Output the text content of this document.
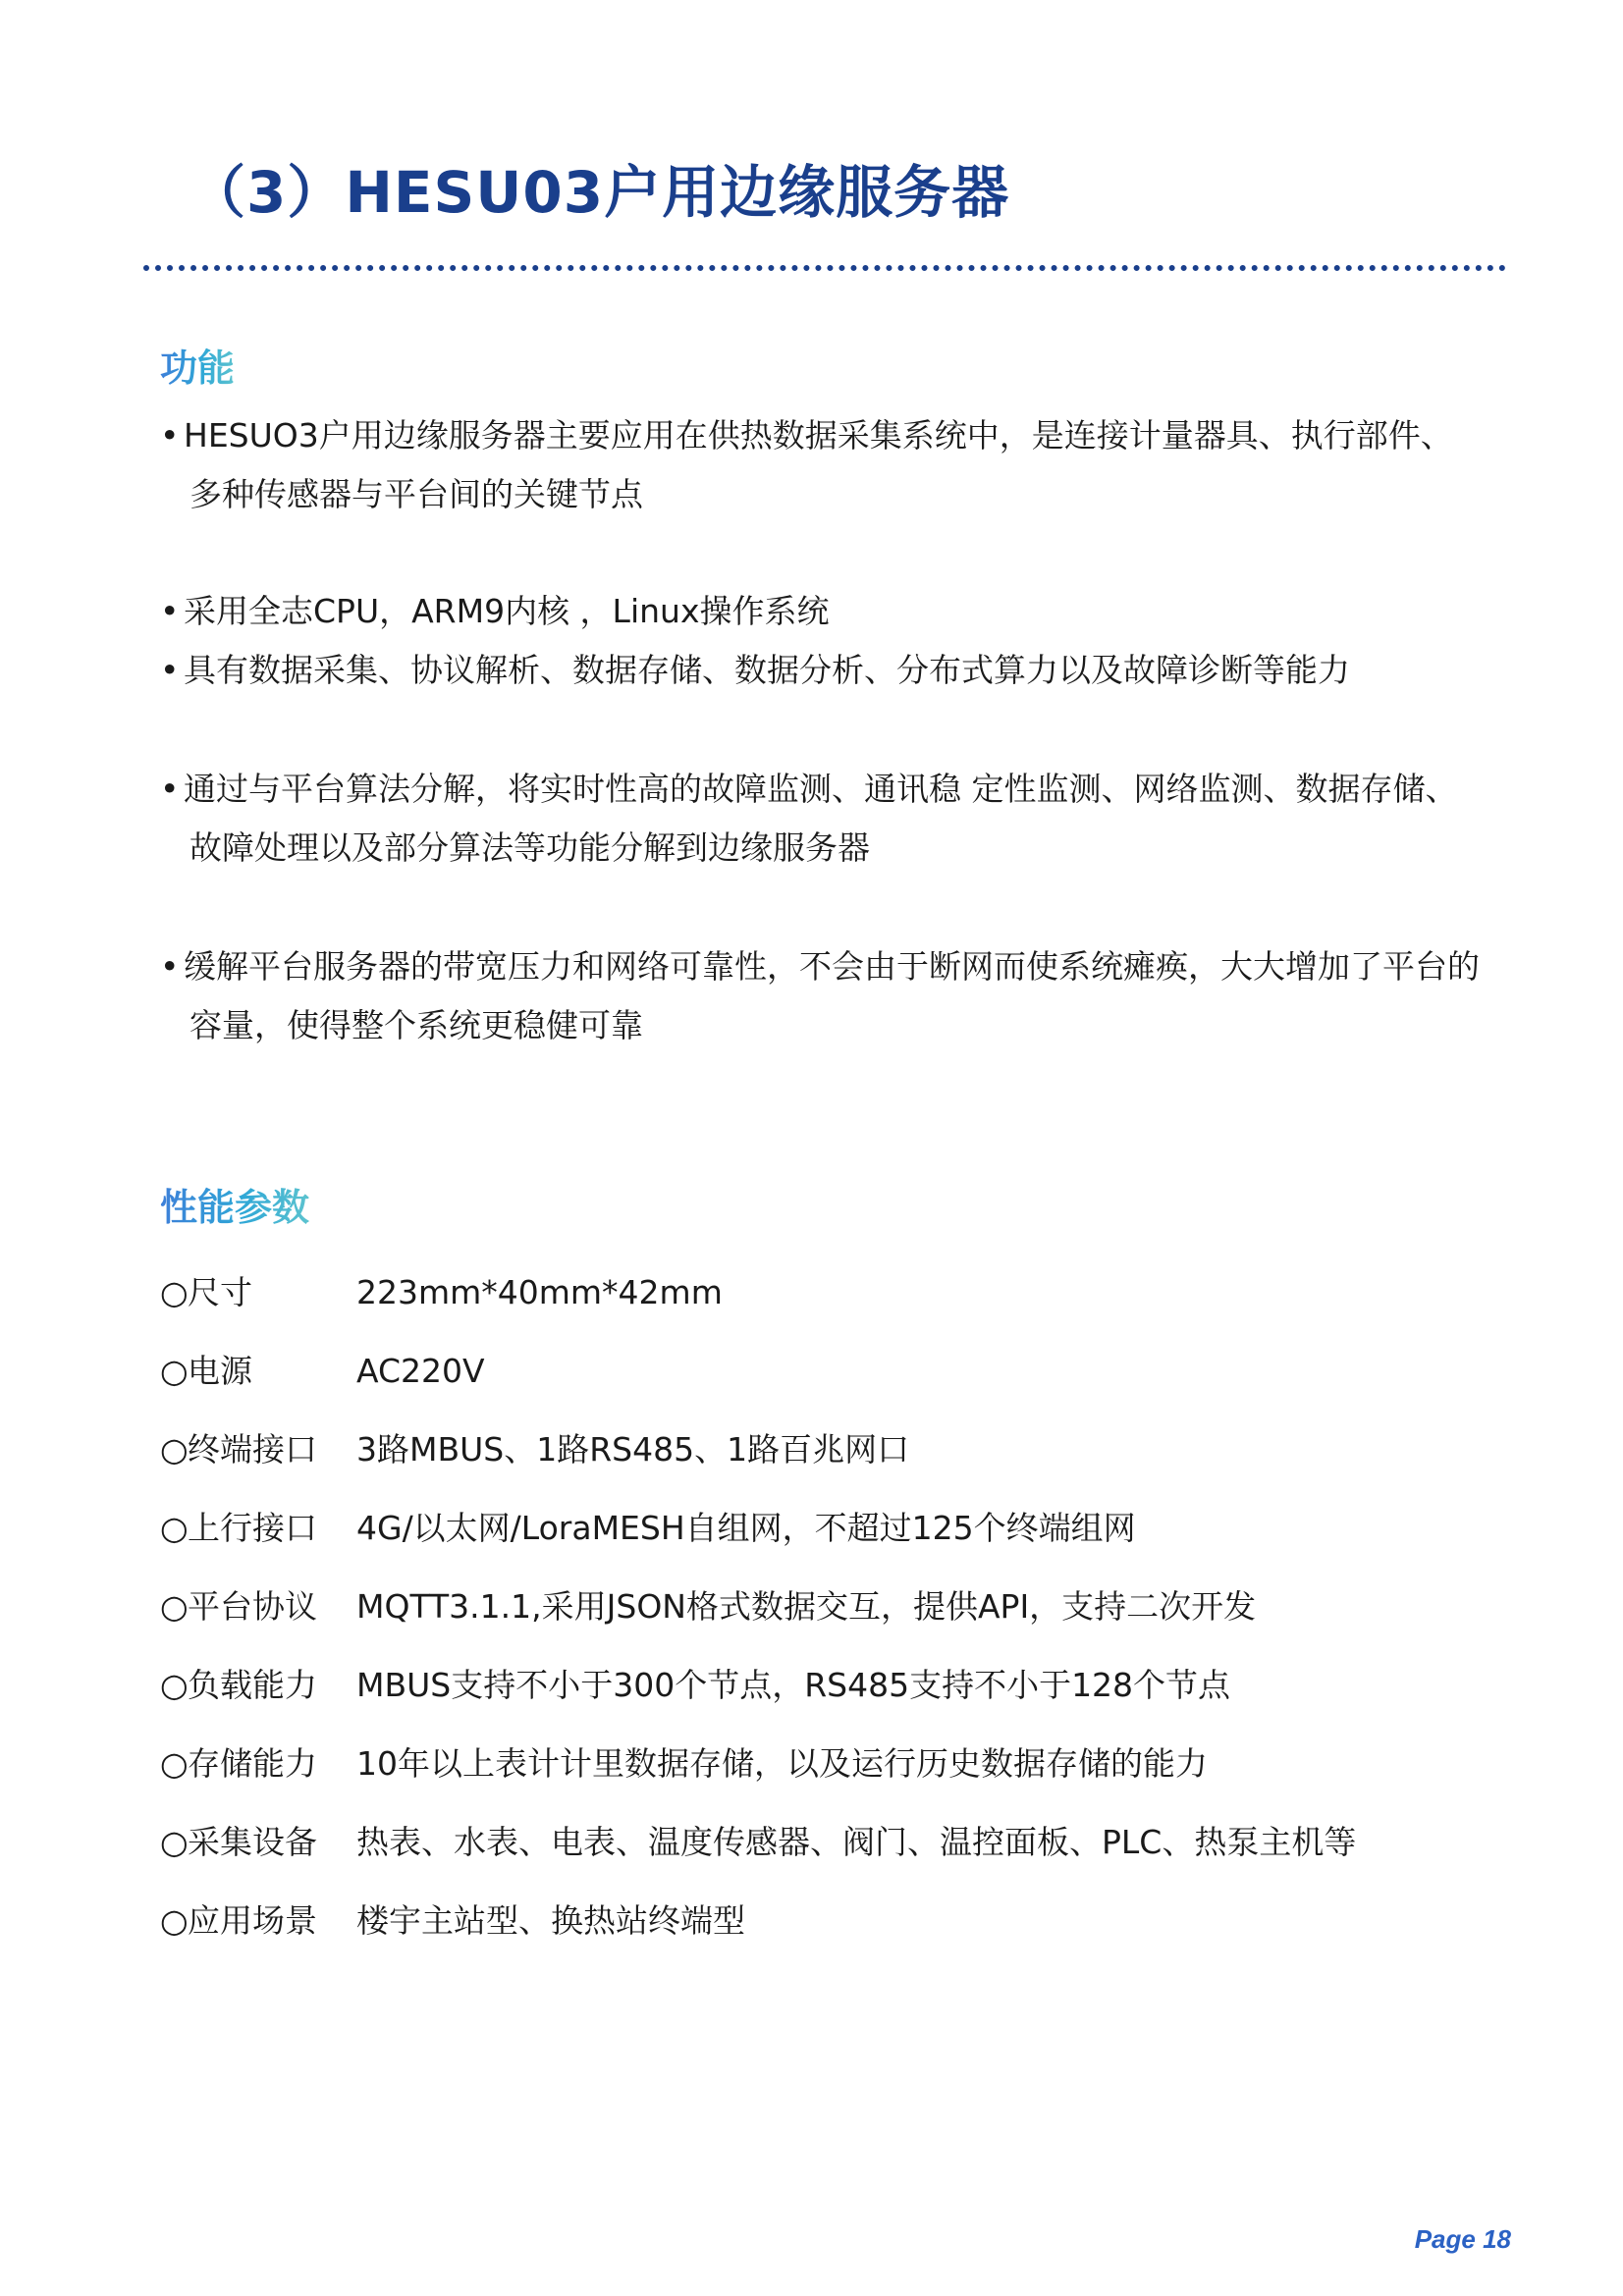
（3）HESU03户用边缘服务器
功能

• HESUO3户用边缘服务器主要应用在供热数据采集系统中，是连接计量器具、执行部件、
多种传感器与平台间的关键节点

• 采用全志CPU，ARM9内核 ，Linux操作系统

• 具有数据采集、协议解析、数据存储、数据分析、分布式算力以及故障诊断等能力

• 通过与平台算法分解，将实时性高的故障监测、通讯稳 定性监测、网络监测、数据存储、
故障处理以及部分算法等功能分解到边缘服务器

• 缓解平台服务器的带宽压力和网络可靠性，不会由于断网而使系统瘫痪，大大增加了平台的
容量，使得整个系统更稳健可靠

性能参数
○尺寸	223mm*40mm*42mm
○电源	AC220V
○终端接口 3路MBUS、1路RS485、1路百兆网口
○上行接口 4G/以太网/LoraMESH自组网，不超过125个终端组网
○平台协议 MQTT3.1.1,采用JSON格式数据交互，提供API，支持二次开发
○负载能力 MBUS支持不小于300个节点，RS485支持不小于128个节点
○存储能力 10年以上表计计里数据存储，以及运行历史数据存储的能力
○采集设备 热表、水表、电表、温度传感器、阀门、温控面板、PLC、热泵主机等
○应用场景 楼宇主站型、换热站终端型
Page 18
